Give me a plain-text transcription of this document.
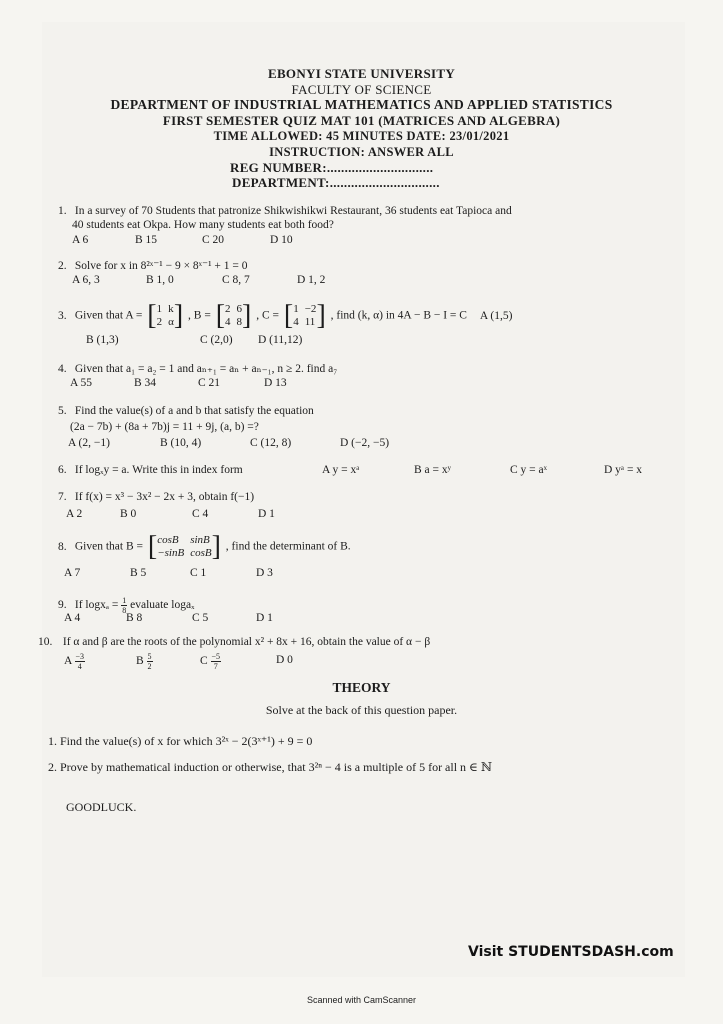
EBONYI STATE UNIVERSITY
FACULTY OF SCIENCE
DEPARTMENT OF INDUSTRIAL MATHEMATICS AND APPLIED STATISTICS
FIRST SEMESTER QUIZ MAT 101 (MATRICES AND ALGEBRA)
TIME ALLOWED: 45 MINUTES DATE: 23/01/2021
INSTRUCTION: ANSWER ALL
REG NUMBER:..............................
DEPARTMENT:...............................
1. In a survey of 70 Students that patronize Shikwishikwi Restaurant, 36 students eat Tapioca and
40 students eat Okpa. How many students eat both food?
A 6	B 15	C 20	D 10
2. Solve for x in 8²ˣ⁻¹ − 9 × 8ˣ⁻¹ + 1 = 0
A 6, 3	B 1, 0	C 8, 7	D 1, 2
3. Given that A = [ 1 k
2 α ] , B = [ 2 6
4 8 ] , C = [ 1 −2
4 11 ] , find (k, α) in 4A − B − I = C A (1,5)
B (1,3)	C (2,0) D (11,12)
4. Given that a₁ = a₂ = 1 and aₙ₊₁ = aₙ + aₙ₋₁, n ≥ 2. find a₇
A 55	B 34	C 21	D 13
5. Find the value(s) of a and b that satisfy the equation
(2a − 7b) + (8a + 7b)j = 11 + 9j, (a, b) =?
A (2, −1)	B (10, 4)	C (12, 8)	D (−2, −5)
6. If logₓy = a. Write this in index form	A y = xᵃ	B a = xʸ	C y = aˣ	D yᵃ = x
7. If f(x) = x³ − 3x² − 2x + 3, obtain f(−1)
A 2	B 0	C 4	D 1
8. Given that B = [ cosB	sinB
−sinB cosB ] , find the determinant of B.
A 7	B 5	C 1	D 3
9. If $\log x_a = \frac{1}{8}$ evaluate logaₓ
A 4	B 8	C 5	D 1
10. If α and β are the roots of the polynomial x² + 8x + 16, obtain the value of α − β
A $\frac{-3}{4}$	B $\frac{5}{2}$	C $\frac{-5}{7}$	D 0
THEORY
Solve at the back of this question paper.
1. Find the value(s) of x for which 3²ˣ − 2(3ˣ⁺¹) + 9 = 0
2. Prove by mathematical induction or otherwise, that 3²ⁿ − 4 is a multiple of 5 for all n ∈ ℕ
GOODLUCK.
Visit STUDENTSDASH.com
Scanned with CamScanner
